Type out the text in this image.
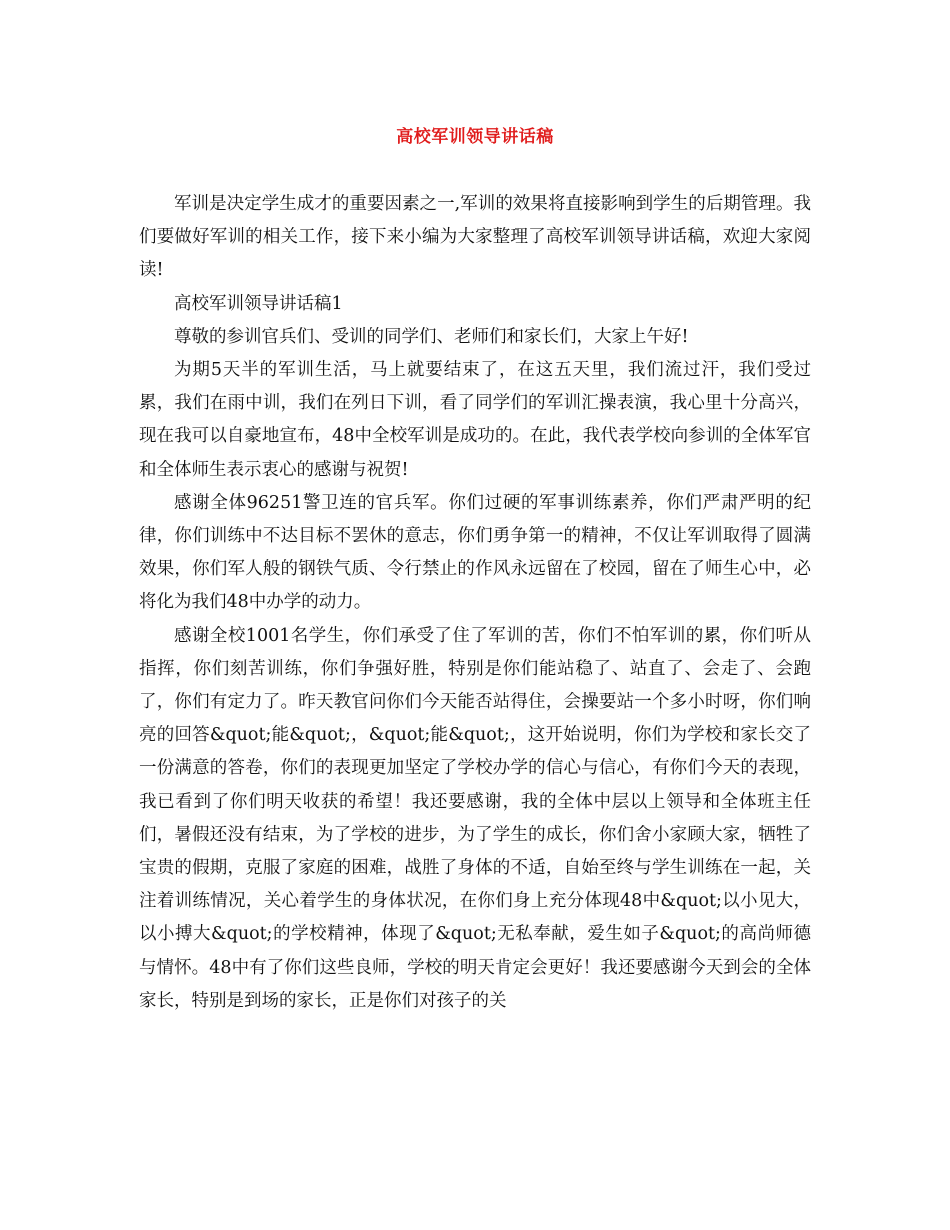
高校军训领导讲话稿

军训是决定学生成才的重要因素之一,军训的效果将直接影响到学生的后期管理。我们要做好军训的相关工作，接下来小编为大家整理了高校军训领导讲话稿，欢迎大家阅读!

高校军训领导讲话稿1

尊敬的参训官兵们、受训的同学们、老师们和家长们，大家上午好!

为期5天半的军训生活，马上就要结束了，在这五天里，我们流过汗，我们受过累，我们在雨中训，我们在列日下训，看了同学们的军训汇操表演，我心里十分高兴，现在我可以自豪地宣布，48中全校军训是成功的。在此，我代表学校向参训的全体军官和全体师生表示衷心的感谢与祝贺!

感谢全体96251警卫连的官兵军。你们过硬的军事训练素养，你们严肃严明的纪律，你们训练中不达目标不罢休的意志，你们勇争第一的精神，不仅让军训取得了圆满效果，你们军人般的钢铁气质、令行禁止的作风永远留在了校园，留在了师生心中，必将化为我们48中办学的动力。

感谢全校1001名学生，你们承受了住了军训的苦，你们不怕军训的累，你们听从指挥，你们刻苦训练，你们争强好胜，特别是你们能站稳了、站直了、会走了、会跑了，你们有定力了。昨天教官问你们今天能否站得住，会操要站一个多小时呀，你们响亮的回答&quot;能&quot;，&quot;能&quot;，这开始说明，你们为学校和家长交了一份满意的答卷，你们的表现更加坚定了学校办学的信心与信心，有你们今天的表现，我已看到了你们明天收获的希望！我还要感谢，我的全体中层以上领导和全体班主任们，暑假还没有结束，为了学校的进步，为了学生的成长，你们舍小家顾大家，牺牲了宝贵的假期，克服了家庭的困难，战胜了身体的不适，自始至终与学生训练在一起，关注着训练情况，关心着学生的身体状况，在你们身上充分体现48中&quot;以小见大，以小搏大&quot;的学校精神，体现了&quot;无私奉献，爱生如子&quot;的高尚师德与情怀。48中有了你们这些良师，学校的明天肯定会更好！我还要感谢今天到会的全体家长，特别是到场的家长，正是你们对孩子的关
